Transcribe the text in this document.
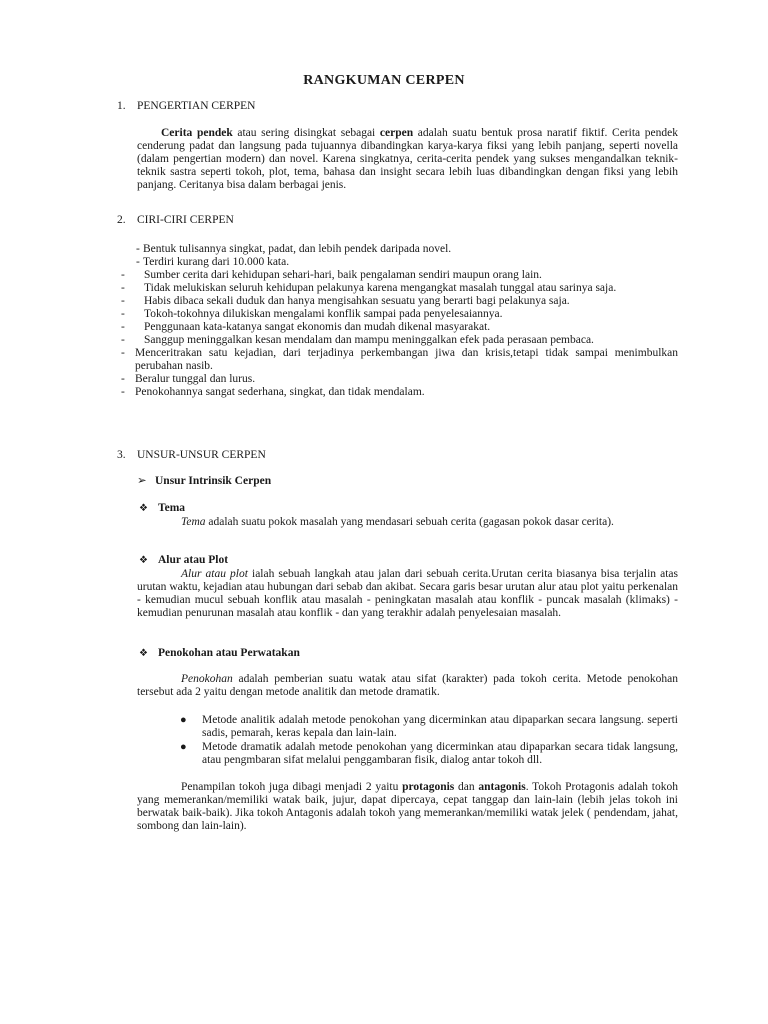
RANGKUMAN CERPEN
1. PENGERTIAN CERPEN
Cerita pendek atau sering disingkat sebagai cerpen adalah suatu bentuk prosa naratif fiktif. Cerita pendek cenderung padat dan langsung pada tujuannya dibandingkan karya-karya fiksi yang lebih panjang, seperti novella (dalam pengertian modern) dan novel. Karena singkatnya, cerita-cerita pendek yang sukses mengandalkan teknik-teknik sastra seperti tokoh, plot, tema, bahasa dan insight secara lebih luas dibandingkan dengan fiksi yang lebih panjang. Ceritanya bisa dalam berbagai jenis.
2. CIRI-CIRI CERPEN
- Bentuk tulisannya singkat, padat, dan lebih pendek daripada novel.
- Terdiri kurang dari 10.000 kata.
- Sumber cerita dari kehidupan sehari-hari, baik pengalaman sendiri maupun orang lain.
- Tidak melukiskan seluruh kehidupan pelakunya karena mengangkat masalah tunggal atau sarinya saja.
- Habis dibaca sekali duduk dan hanya mengisahkan sesuatu yang berarti bagi pelakunya saja.
- Tokoh-tokohnya dilukiskan mengalami konflik sampai pada penyelesaiannya.
- Penggunaan kata-katanya sangat ekonomis dan mudah dikenal masyarakat.
- Sanggup meninggalkan kesan mendalam dan mampu meninggalkan efek pada perasaan pembaca.
- Menceritrakan satu kejadian, dari terjadinya perkembangan jiwa dan krisis,tetapi tidak sampai menimbulkan perubahan nasib.
- Beralur tunggal dan lurus.
- Penokohannya sangat sederhana, singkat, dan tidak mendalam.
3. UNSUR-UNSUR CERPEN
➢ Unsur Intrinsik Cerpen
❖ Tema
Tema adalah suatu pokok masalah yang mendasari sebuah cerita (gagasan pokok dasar cerita).
❖ Alur atau Plot
Alur atau plot ialah sebuah langkah atau jalan dari sebuah cerita.Urutan cerita biasanya bisa terjalin atas urutan waktu, kejadian atau hubungan dari sebab dan akibat. Secara garis besar urutan alur atau plot yaitu perkenalan - kemudian mucul sebuah konflik atau masalah - peningkatan masalah atau konflik - puncak masalah (klimaks) - kemudian penurunan masalah atau konflik - dan yang terakhir adalah penyelesaian masalah.
❖ Penokohan atau Perwatakan
Penokohan adalah pemberian suatu watak atau sifat (karakter) pada tokoh cerita. Metode penokohan tersebut ada 2 yaitu dengan metode analitik dan metode dramatik.
● Metode analitik adalah metode penokohan yang dicerminkan atau dipaparkan secara langsung. seperti sadis, pemarah, keras kepala dan lain-lain.
● Metode dramatik adalah metode penokohan yang dicerminkan atau dipaparkan secara tidak langsung, atau pengmbaran sifat melalui penggambaran fisik, dialog antar tokoh dll.
Penampilan tokoh juga dibagi menjadi 2 yaitu protagonis dan antagonis. Tokoh Protagonis adalah tokoh yang memerankan/memiliki watak baik, jujur, dapat dipercaya, cepat tanggap dan lain-lain (lebih jelas tokoh ini berwatak baik-baik). Jika tokoh Antagonis adalah tokoh yang memerankan/memiliki watak jelek ( pendendam, jahat, sombong dan lain-lain).
